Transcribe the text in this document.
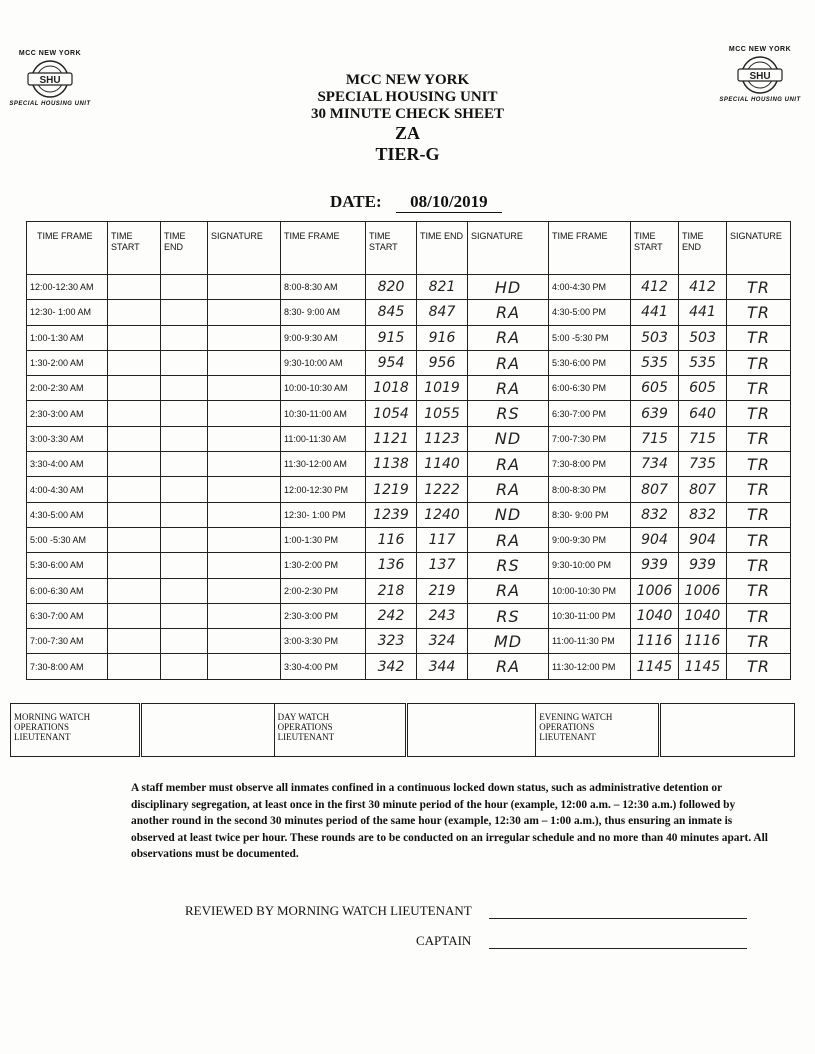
MCC NEW YORK
SHU
SPECIAL HOUSING UNIT
MCC NEW YORK
SHU
SPECIAL HOUSING UNIT
MCC NEW YORK
SPECIAL HOUSING UNIT
30 MINUTE CHECK SHEET
ZA
TIER-G
DATE: 08/10/2019
TIME FRAME	TIME START	TIME END	SIGNATURE	TIME FRAME	TIME START	TIME END	SIGNATURE	TIME FRAME	TIME START	TIME END	SIGNATURE
12:00-12:30 AM				8:00-8:30 AM	820	821	HD	4:00-4:30 PM	412	412	TR
12:30- 1:00 AM				8:30- 9:00 AM	845	847	RA	4:30-5:00 PM	441	441	TR
1:00-1:30 AM				9:00-9:30 AM	915	916	RA	5:00 -5:30 PM	503	503	TR
1:30-2:00 AM				9:30-10:00 AM	954	956	RA	5:30-6:00 PM	535	535	TR
2:00-2:30 AM				10:00-10:30 AM	1018	1019	RA	6:00-6:30 PM	605	605	TR
2:30-3:00 AM				10:30-11:00 AM	1054	1055	RS	6:30-7:00 PM	639	640	TR
3:00-3:30 AM				11:00-11:30 AM	1121	1123	ND	7:00-7:30 PM	715	715	TR
3:30-4:00 AM				11:30-12:00 AM	1138	1140	RA	7:30-8:00 PM	734	735	TR
4:00-4:30 AM				12:00-12:30 PM	1219	1222	RA	8:00-8:30 PM	807	807	TR
4:30-5:00 AM				12:30- 1:00 PM	1239	1240	ND	8:30- 9:00 PM	832	832	TR
5:00 -5:30 AM				1:00-1:30 PM	116	117	RA	9:00-9:30 PM	904	904	TR
5:30-6:00 AM				1:30-2:00 PM	136	137	RS	9:30-10:00 PM	939	939	TR
6:00-6:30 AM				2:00-2:30 PM	218	219	RA	10:00-10:30 PM	1006	1006	TR
6:30-7:00 AM				2:30-3:00 PM	242	243	RS	10:30-11:00 PM	1040	1040	TR
7:00-7:30 AM				3:00-3:30 PM	323	324	MD	11:00-11:30 PM	1116	1116	TR
7:30-8:00 AM				3:30-4:00 PM	342	344	RA	11:30-12:00 PM	1145	1145	TR
MORNING WATCH
OPERATIONS
LIEUTENANT

DAY WATCH
OPERATIONS
LIEUTENANT

EVENING WATCH
OPERATIONS
LIEUTENANT

A staff member must observe all inmates confined in a continuous locked down status, such as administrative detention or disciplinary segregation, at least once in the first 30 minute period of the hour (example, 12:00 a.m. – 12:30 a.m.) followed by another round in the second 30 minutes period of the same hour (example, 12:30 am – 1:00 a.m.), thus ensuring an inmate is observed at least twice per hour. These rounds are to be conducted on an irregular schedule and no more than 40 minutes apart. All observations must be documented.
REVIEWED BY MORNING WATCH LIEUTENANT
CAPTAIN
